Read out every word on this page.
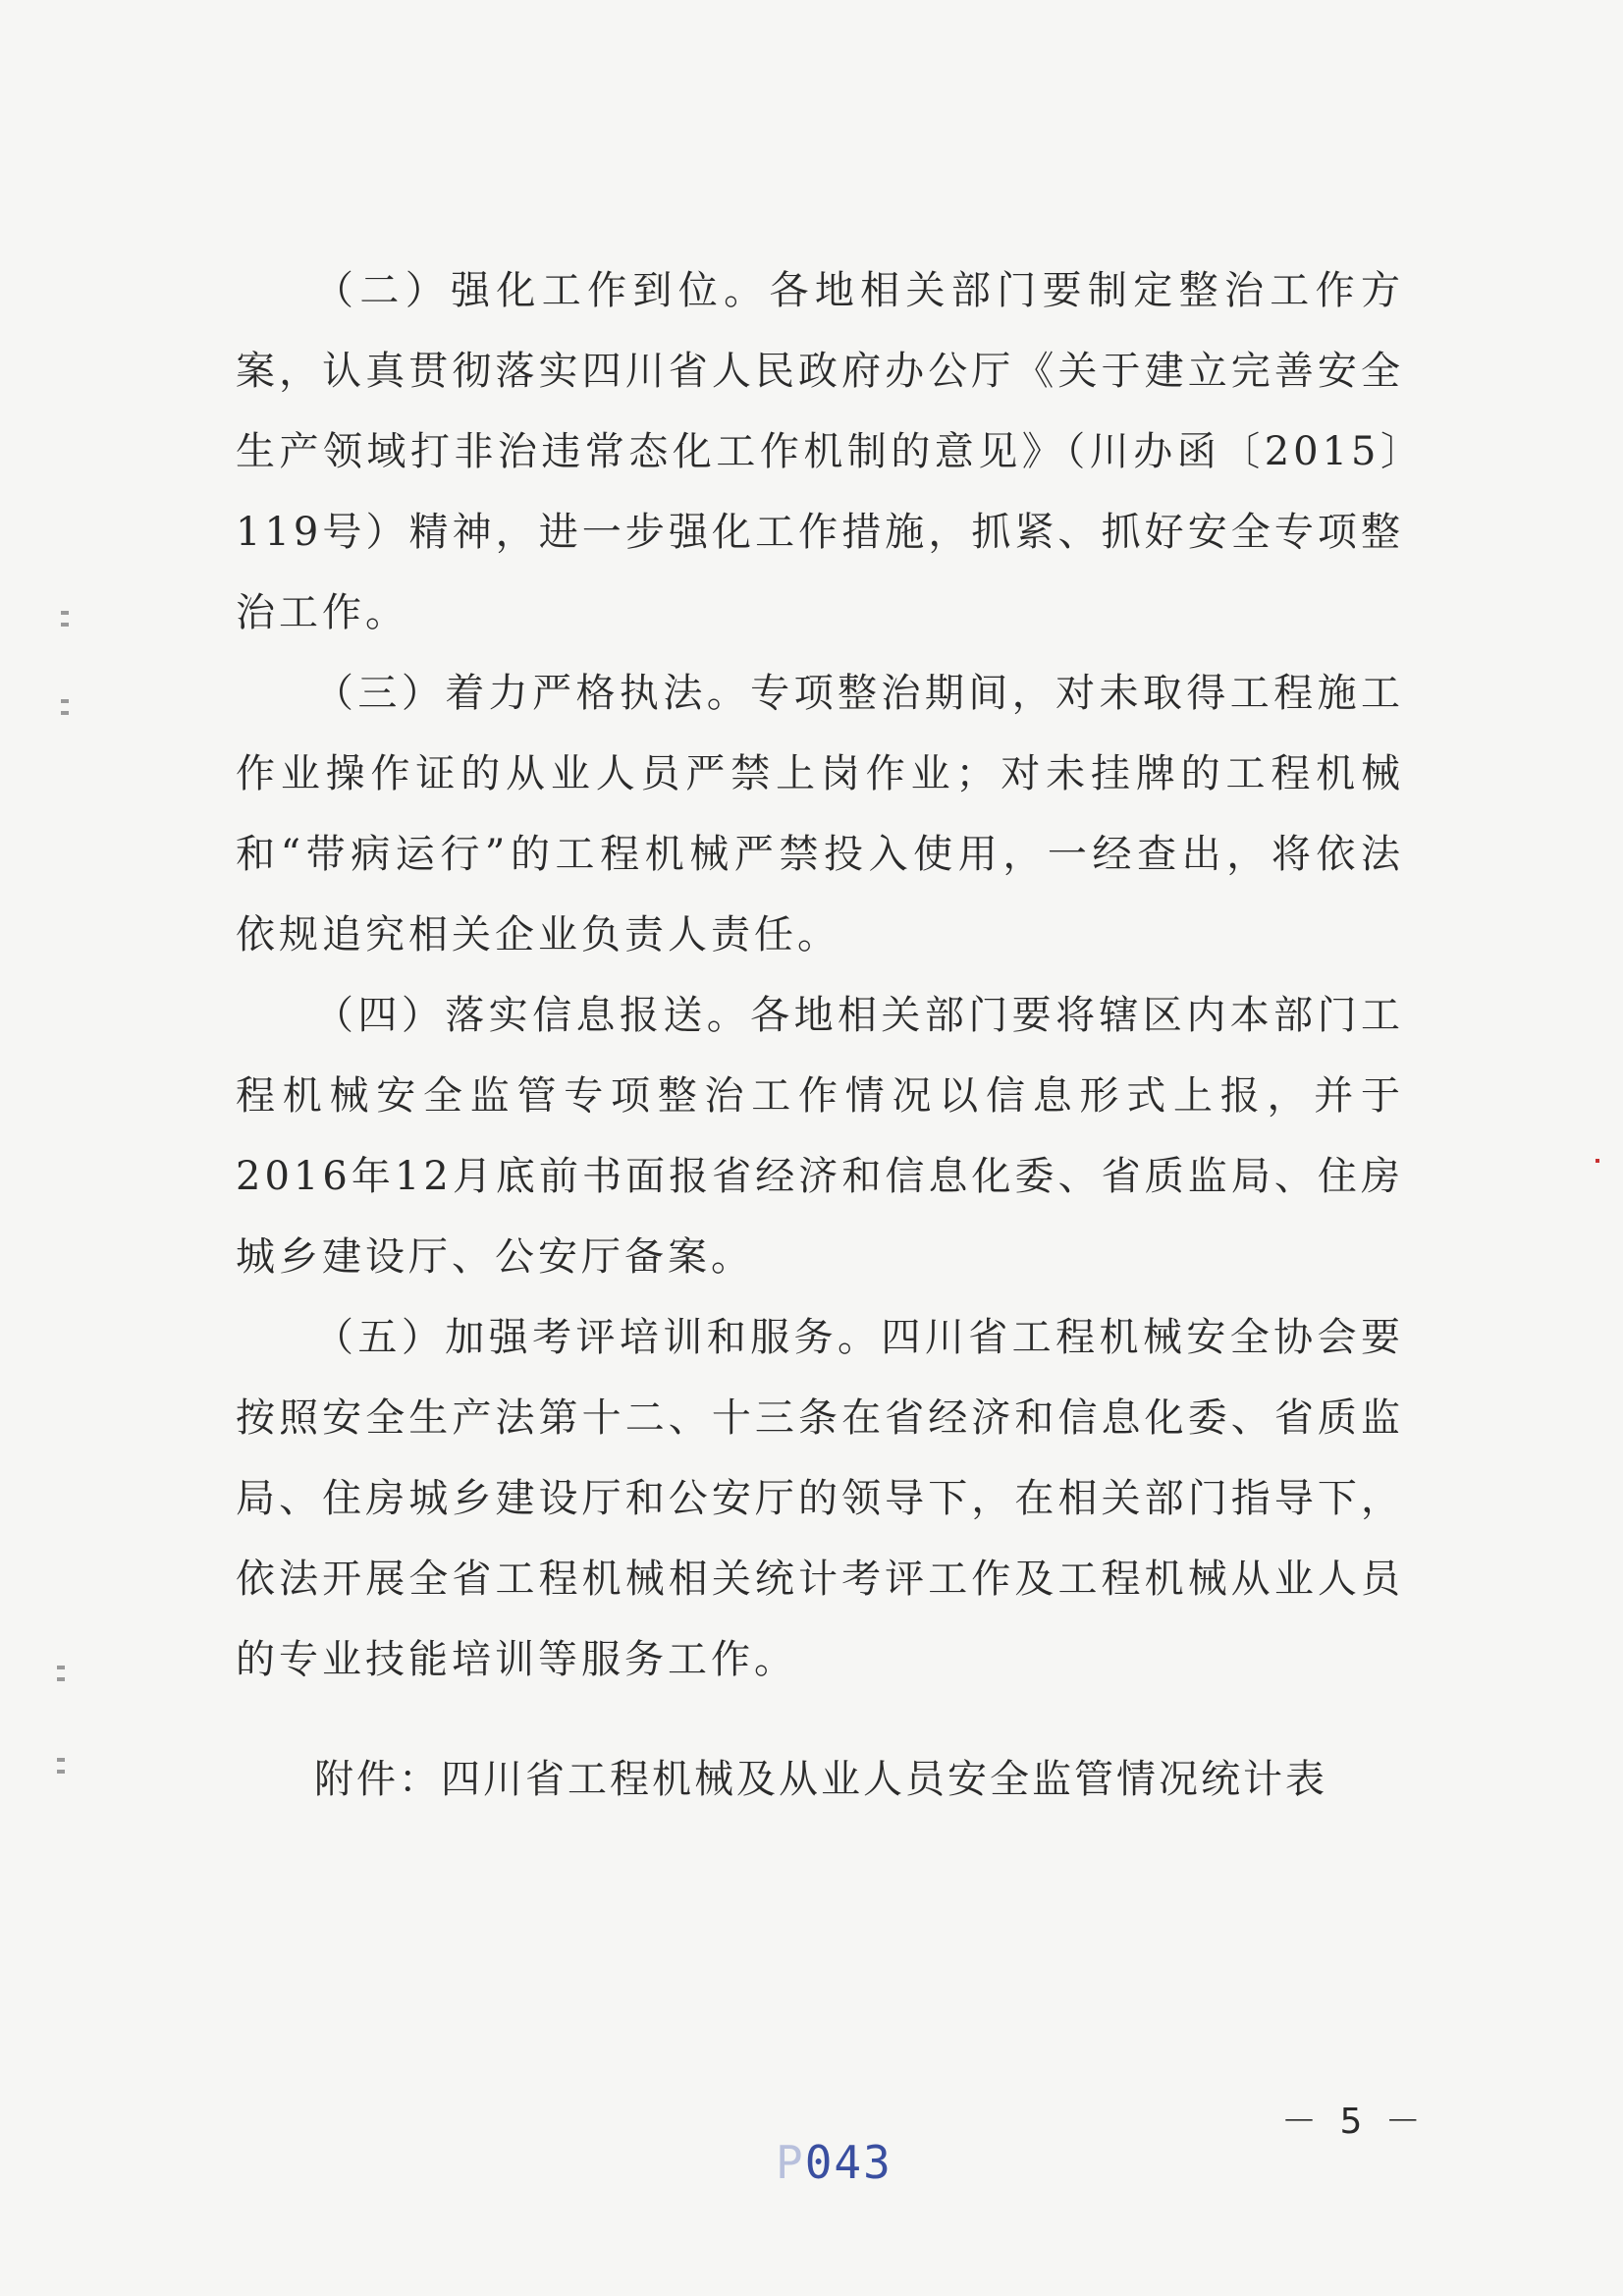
（二）强化工作到位。各地相关部门要制定整治工作方案，认真贯彻落实四川省人民政府办公厅《关于建立完善安全生产领域打非治违常态化工作机制的意见》（川办函〔2015〕119号）精神，进一步强化工作措施，抓紧、抓好安全专项整治工作。

（三）着力严格执法。专项整治期间，对未取得工程施工作业操作证的从业人员严禁上岗作业；对未挂牌的工程机械和“带病运行”的工程机械严禁投入使用，一经查出，将依法依规追究相关企业负责人责任。

（四）落实信息报送。各地相关部门要将辖区内本部门工程机械安全监管专项整治工作情况以信息形式上报，并于2016年12月底前书面报省经济和信息化委、省质监局、住房城乡建设厅、公安厅备案。

（五）加强考评培训和服务。四川省工程机械安全协会要按照安全生产法第十二、十三条在省经济和信息化委、省质监局、住房城乡建设厅和公安厅的领导下，在相关部门指导下，依法开展全省工程机械相关统计考评工作及工程机械从业人员的专业技能培训等服务工作。

附件：四川省工程机械及从业人员安全监管情况统计表
－ 5 －
P043
